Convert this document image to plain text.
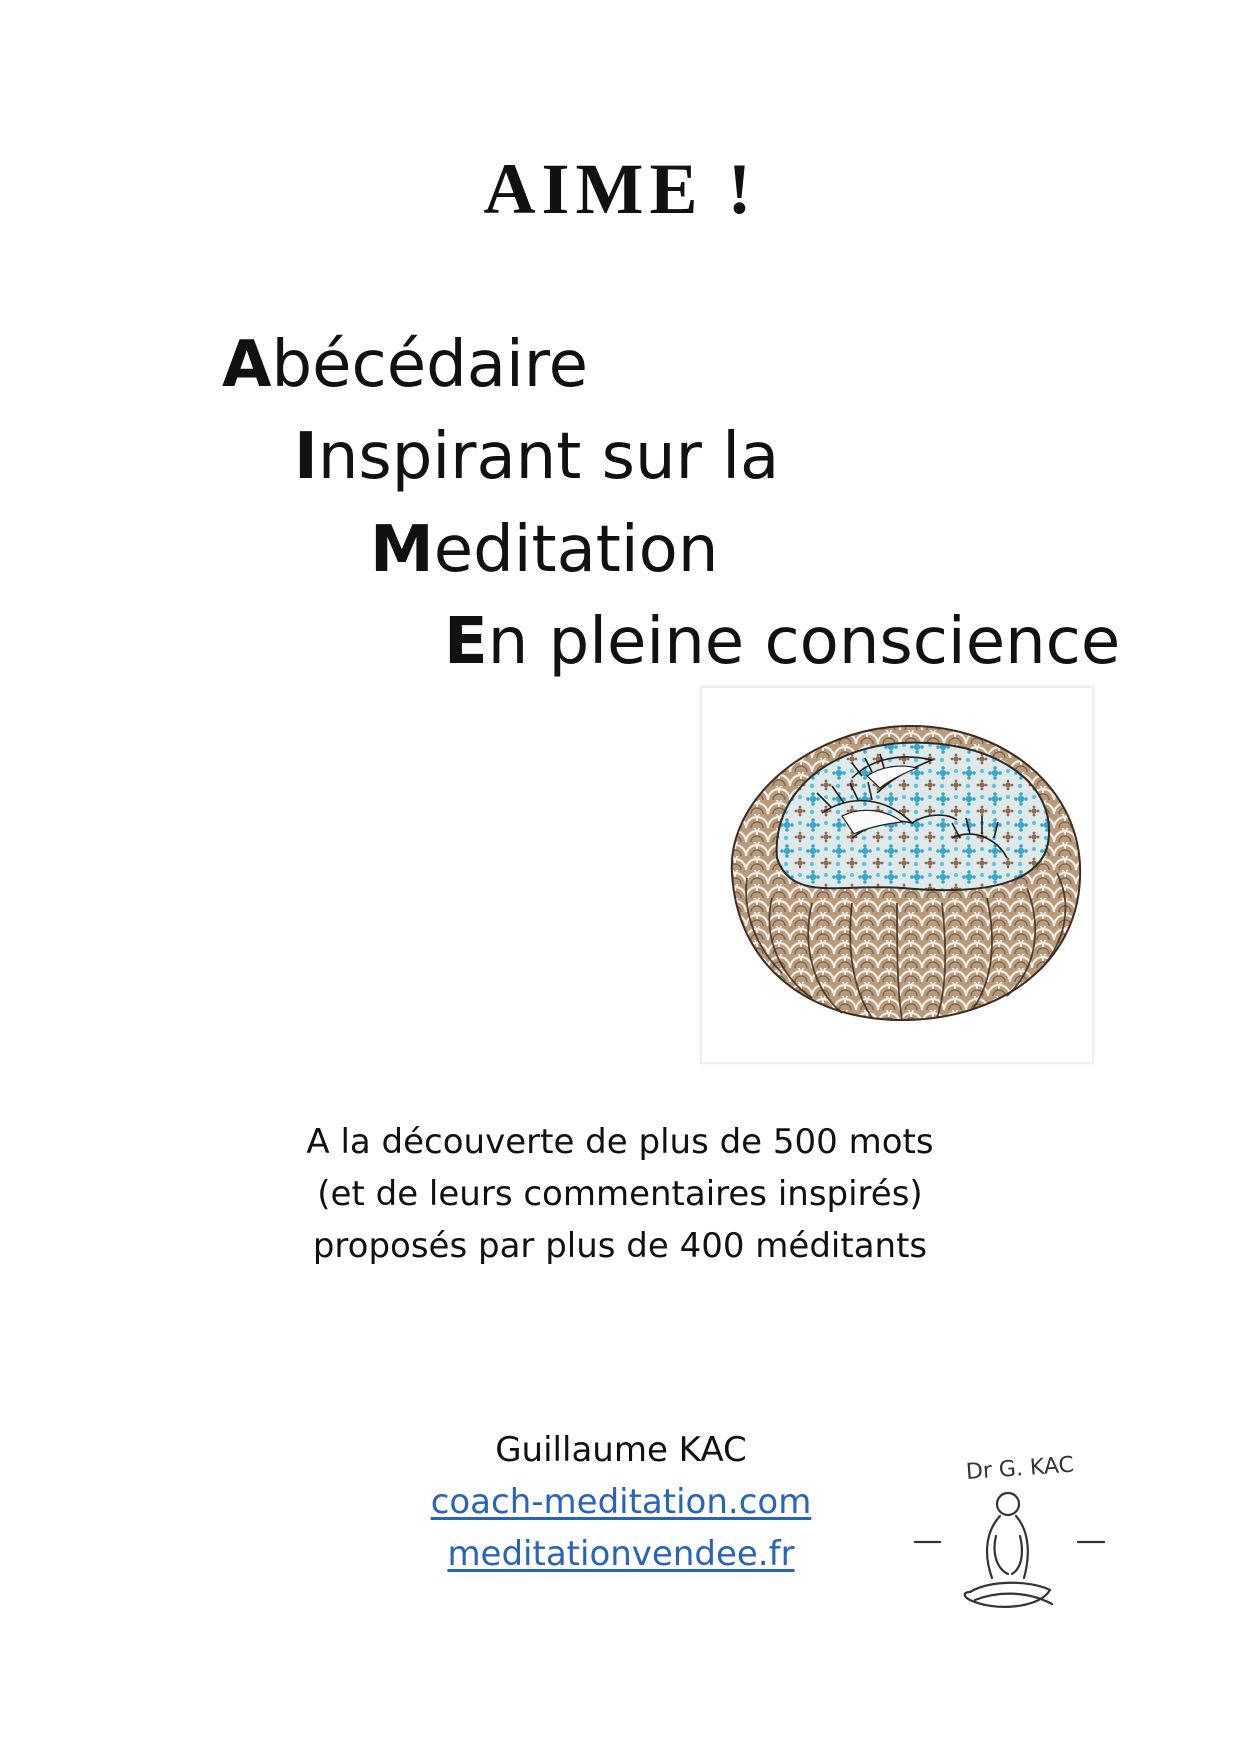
AIME !
Abécédaire
Inspirant sur la
Meditation
En pleine conscience
A la découverte de plus de 500 mots
(et de leurs commentaires inspirés)
proposés par plus de 400 méditants
Guillaume KAC
coach-meditation.com
meditationvendee.fr
Dr G. KAC
